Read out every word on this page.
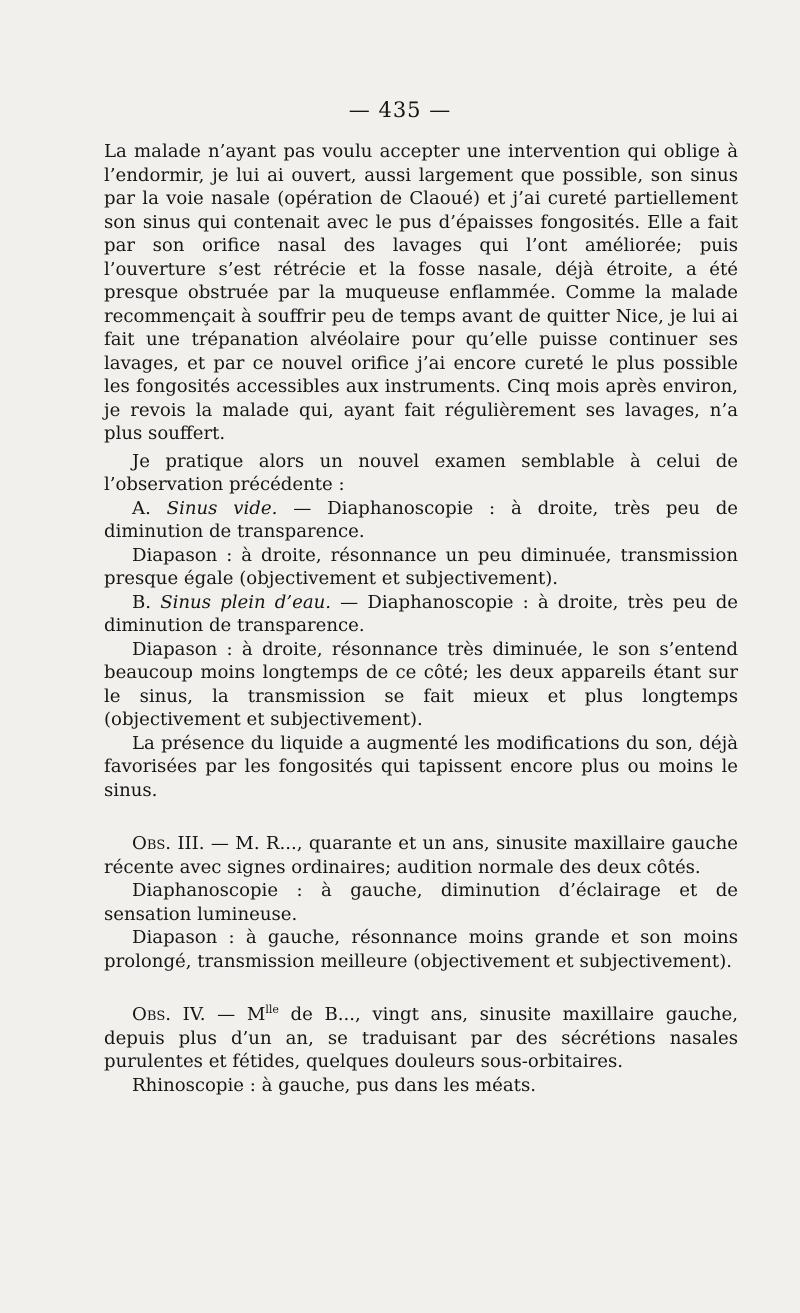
— 435 —

La malade n’ayant pas voulu accepter une intervention qui oblige à l’endormir, je lui ai ouvert, aussi largement que possible, son sinus par la voie nasale (opération de Claoué) et j’ai cureté partiellement son sinus qui contenait avec le pus d’épaisses fongosités. Elle a fait par son orifice nasal des lavages qui l’ont améliorée; puis l’ouverture s’est rétrécie et la fosse nasale, déjà étroite, a été presque obstruée par la muqueuse enflammée. Comme la malade recommençait à souffrir peu de temps avant de quitter Nice, je lui ai fait une trépanation alvéolaire pour qu’elle puisse continuer ses lavages, et par ce nouvel orifice j’ai encore cureté le plus possible les fongosités accessibles aux instruments. Cinq mois après environ, je revois la malade qui, ayant fait régulièrement ses lavages, n’a plus souffert.

Je pratique alors un nouvel examen semblable à celui de l’observation précédente :

A. Sinus vide. — Diaphanoscopie : à droite, très peu de diminution de transparence.

Diapason : à droite, résonnance un peu diminuée, transmission presque égale (objectivement et subjectivement).

B. Sinus plein d’eau. — Diaphanoscopie : à droite, très peu de diminution de transparence.

Diapason : à droite, résonnance très diminuée, le son s’entend beaucoup moins longtemps de ce côté; les deux appareils étant sur le sinus, la transmission se fait mieux et plus longtemps (objectivement et subjectivement).

La présence du liquide a augmenté les modifications du son, déjà favorisées par les fongosités qui tapissent encore plus ou moins le sinus.

Obs. III. — M. R..., quarante et un ans, sinusite maxillaire gauche récente avec signes ordinaires; audition normale des deux côtés.

Diaphanoscopie : à gauche, diminution d’éclairage et de sensation lumineuse.

Diapason : à gauche, résonnance moins grande et son moins prolongé, transmission meilleure (objectivement et subjectivement).

Obs. IV. — $M^{lle}$ de B..., vingt ans, sinusite maxillaire gauche, depuis plus d’un an, se traduisant par des sécrétions nasales purulentes et fétides, quelques douleurs sous-orbitaires.

Rhinoscopie : à gauche, pus dans les méats.
